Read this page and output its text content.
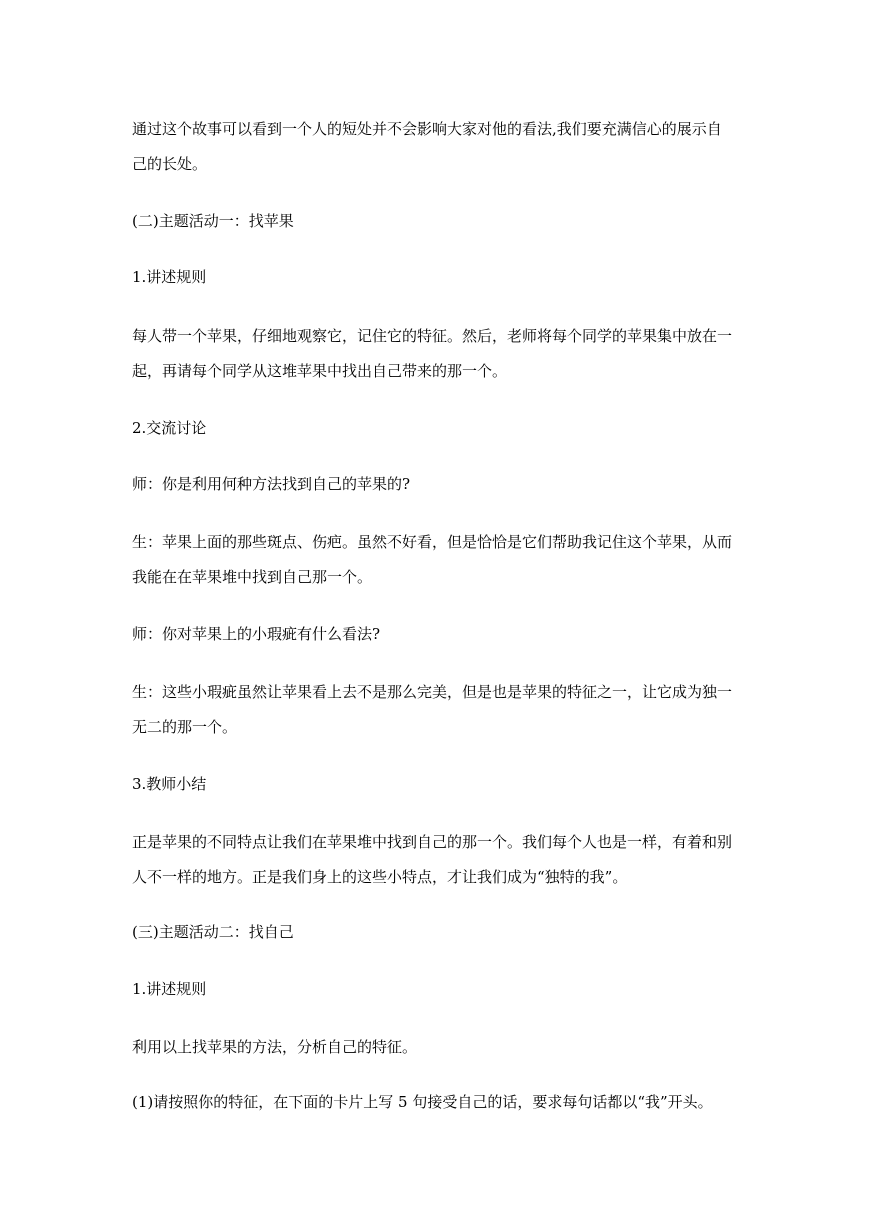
通过这个故事可以看到一个人的短处并不会影响大家对他的看法,我们要充满信心的展示自
己的长处。

(二)主题活动一：找苹果

1.讲述规则

每人带一个苹果，仔细地观察它，记住它的特征。然后，老师将每个同学的苹果集中放在一
起，再请每个同学从这堆苹果中找出自己带来的那一个。

2.交流讨论

师：你是利用何种方法找到自己的苹果的?

生：苹果上面的那些斑点、伤疤。虽然不好看，但是恰恰是它们帮助我记住这个苹果，从而
我能在在苹果堆中找到自己那一个。

师：你对苹果上的小瑕疵有什么看法?

生：这些小瑕疵虽然让苹果看上去不是那么完美，但是也是苹果的特征之一，让它成为独一
无二的那一个。

3.教师小结

正是苹果的不同特点让我们在苹果堆中找到自己的那一个。我们每个人也是一样，有着和别
人不一样的地方。正是我们身上的这些小特点，才让我们成为“独特的我”。

(三)主题活动二：找自己

1.讲述规则

利用以上找苹果的方法，分析自己的特征。

(1)请按照你的特征，在下面的卡片上写 5 句接受自己的话，要求每句话都以“我”开头。
